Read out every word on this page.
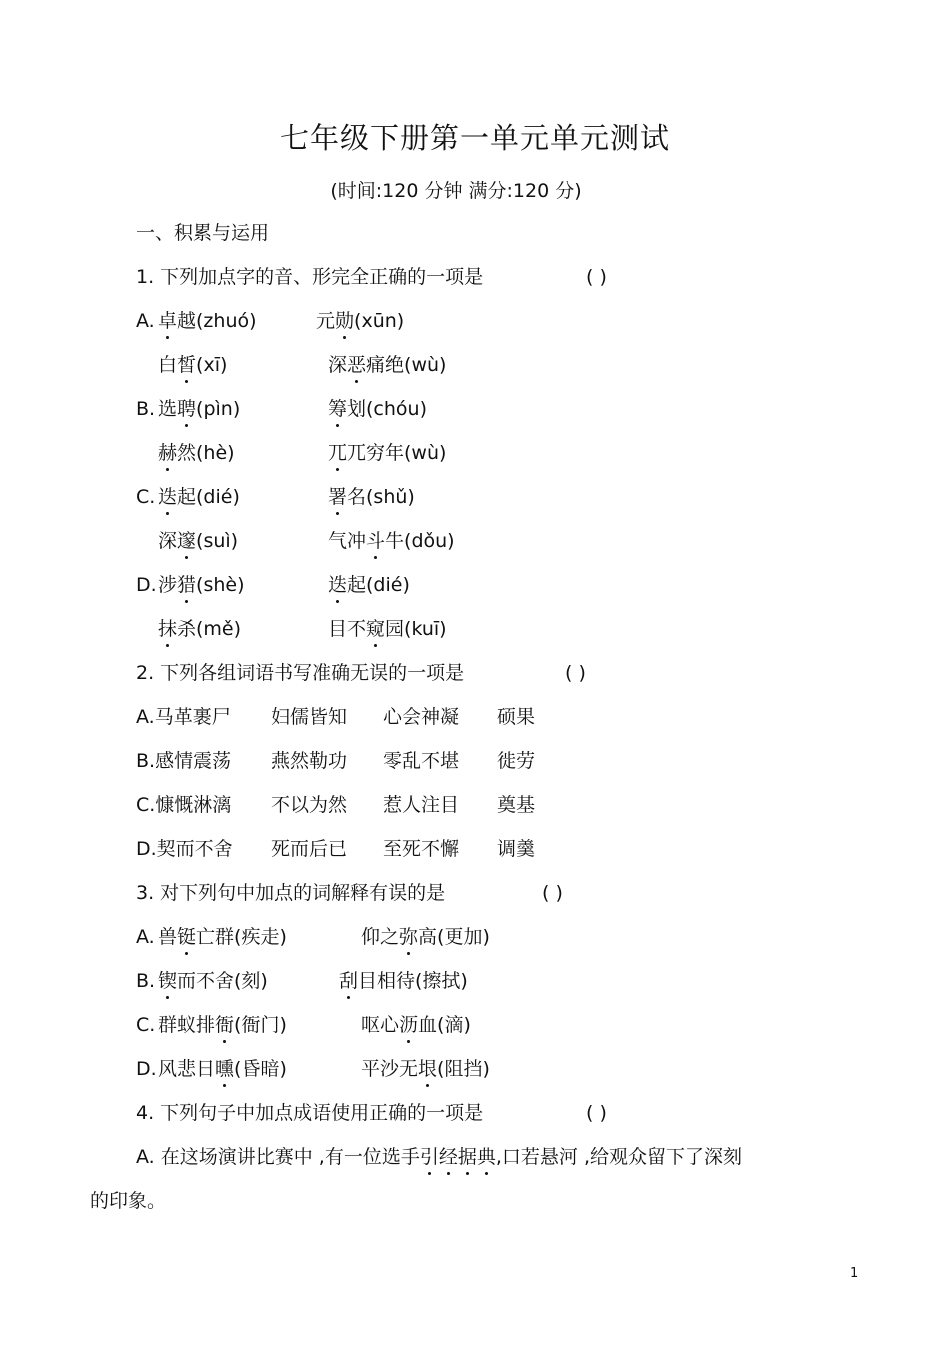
七年级下册第一单元单元测试
(时间:120 分钟 满分:120 分)
一、积累与运用
1. 下列加点字的音、形完全正确的一项是	( )
A. 卓越(zhuó)	元勋(xūn)
白皙(xī)	深恶痛绝(wù)
B. 选聘(pìn)	筹划(chóu)
赫然(hè)	兀兀穷年(wù)
C. 迭起(dié)	署名(shǔ)
深邃(suì)	气冲斗牛(dǒu)
D. 涉猎(shè)	迭起(dié)
抹杀(mě)	目不窥园(kuī)
2. 下列各组词语书写准确无误的一项是	( )
A.马革裹尸 妇儒皆知 心会神凝 硕果
B.感情震荡 燕然勒功 零乱不堪 徙劳
C.慷慨淋漓 不以为然 惹人注目 奠基
D.契而不舍 死而后已 至死不懈 调羹
3. 对下列句中加点的词解释有误的是	( )
A. 兽铤亡群(疾走)	仰之弥高(更加)
B. 锲而不舍(刻)	刮目相待(擦拭)
C. 群蚁排衙(衙门)	呕心沥血(滴)
D. 风悲日曛(昏暗)	平沙无垠(阻挡)
4. 下列句子中加点成语使用正确的一项是	( )
A. 在这场演讲比赛中 ,有一位选手引经据典,口若悬河 ,给观众留下了深刻
的印象。
1
